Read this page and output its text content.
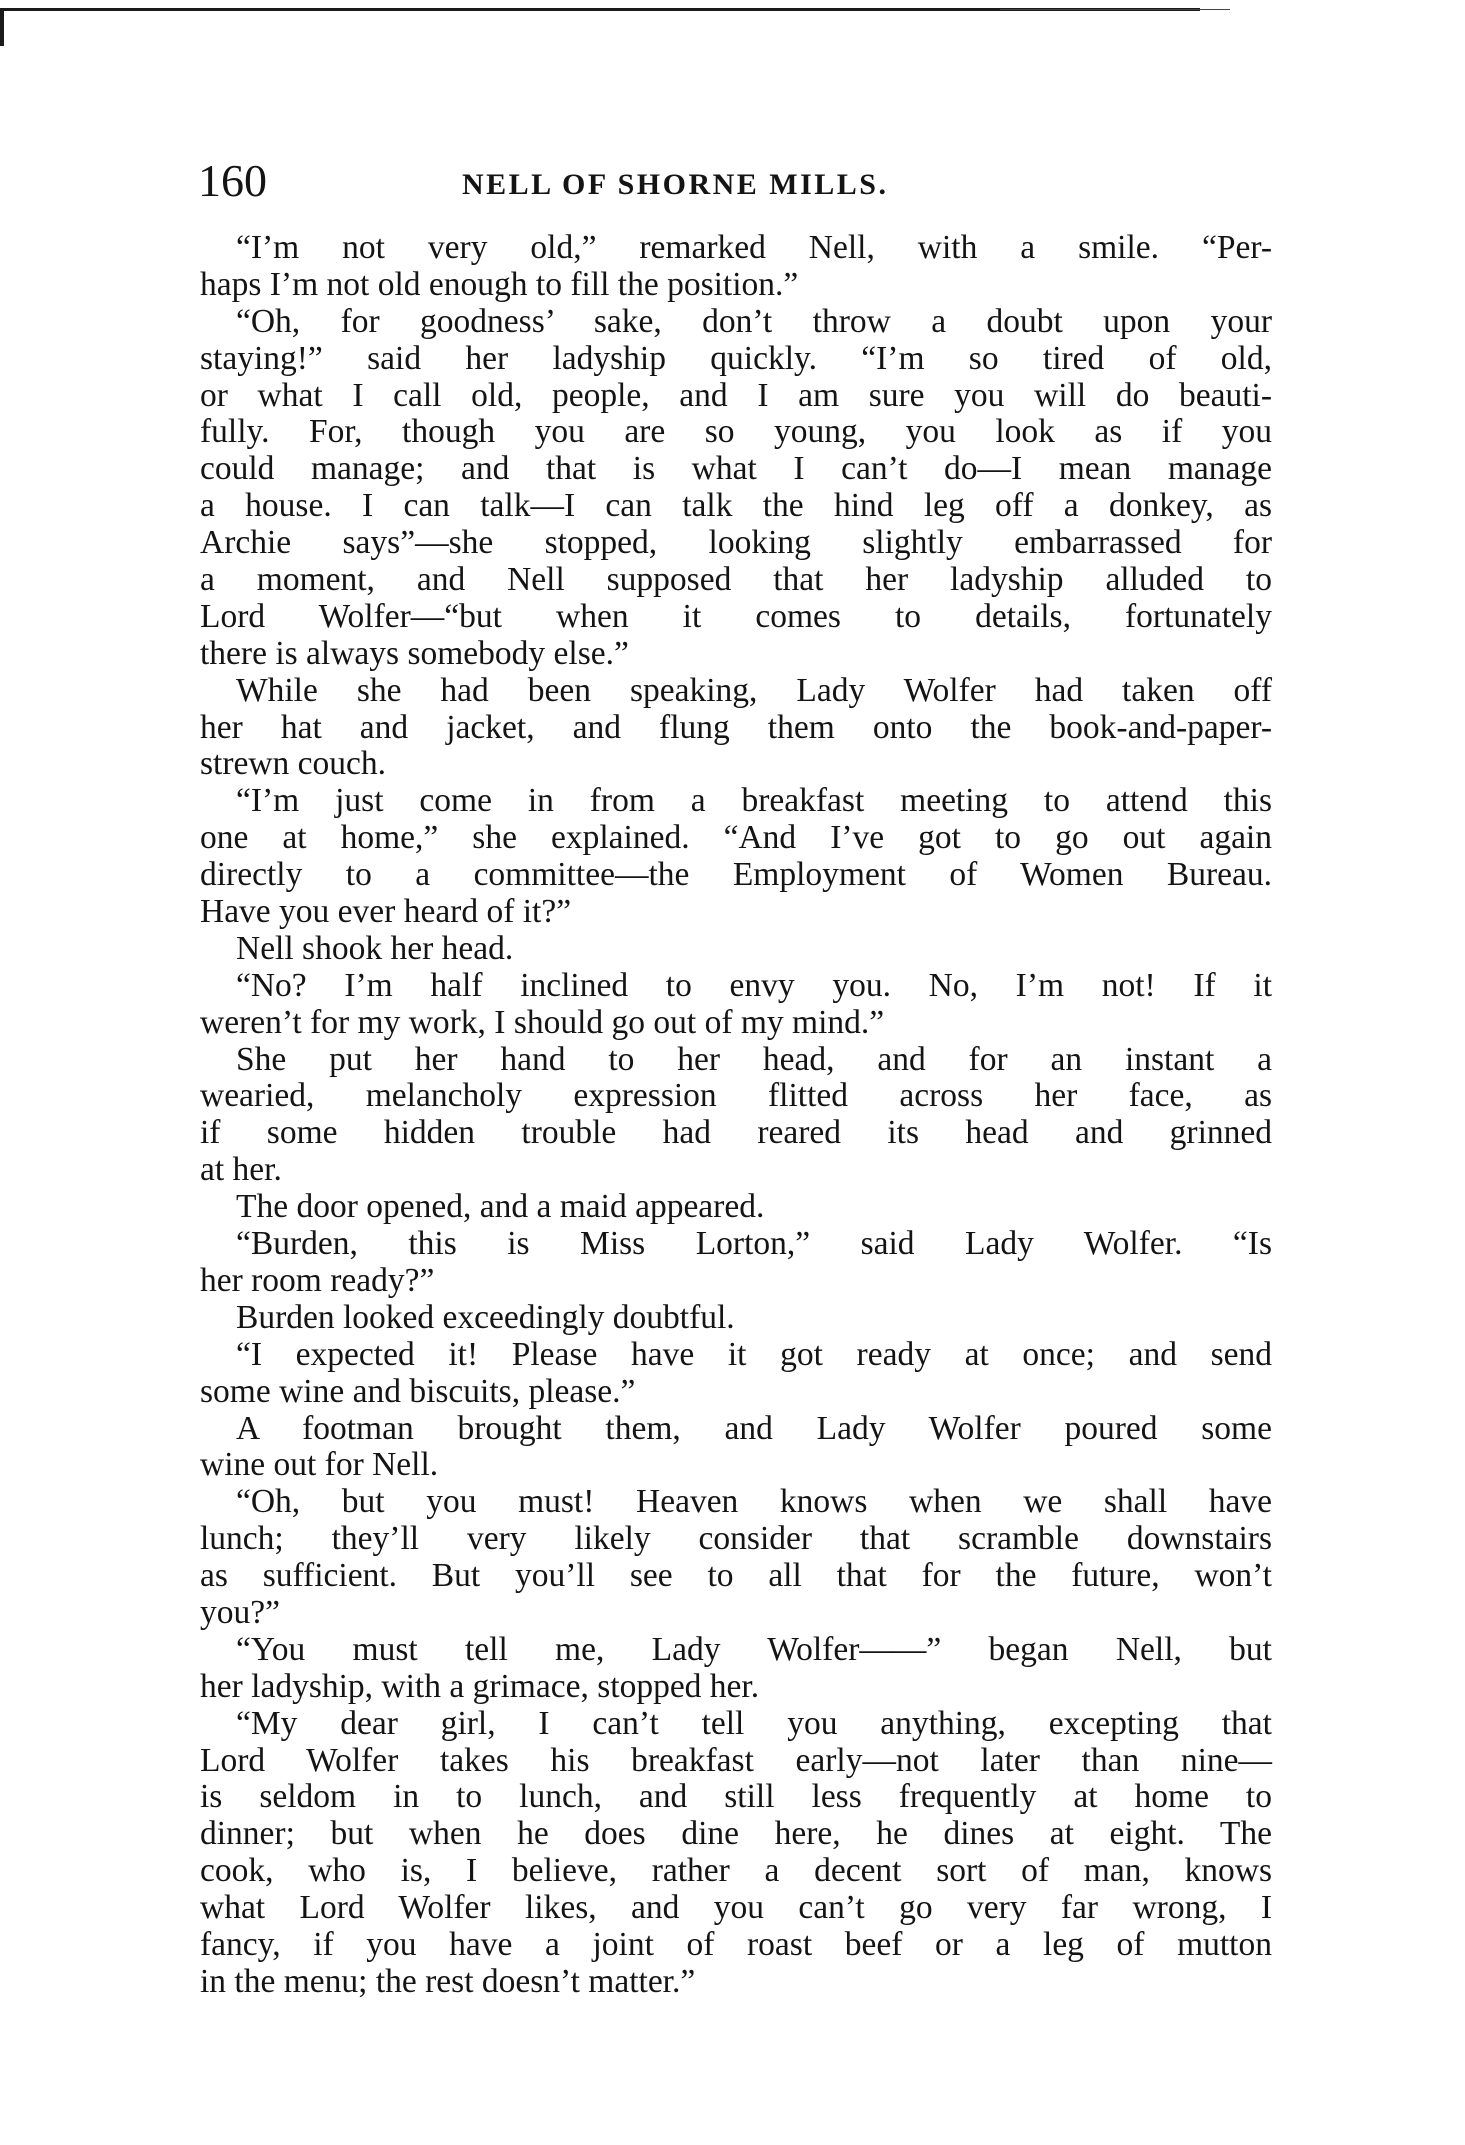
160	NELL OF SHORNE MILLS.
“I’m not very old,” remarked Nell, with a smile. “Per-
haps I’m not old enough to fill the position.”
“Oh, for goodness’ sake, don’t throw a doubt upon your
staying!” said her ladyship quickly. “I’m so tired of old,
or what I call old, people, and I am sure you will do beauti-
fully. For, though you are so young, you look as if you
could manage; and that is what I can’t do—I mean manage
a house. I can talk—I can talk the hind leg off a donkey, as
Archie says”—she stopped, looking slightly embarrassed for
a moment, and Nell supposed that her ladyship alluded to
Lord Wolfer—“but when it comes to details, fortunately
there is always somebody else.”
While she had been speaking, Lady Wolfer had taken off
her hat and jacket, and flung them onto the book-and-paper-
strewn couch.
“I’m just come in from a breakfast meeting to attend this
one at home,” she explained. “And I’ve got to go out again
directly to a committee—the Employment of Women Bureau.
Have you ever heard of it?”
Nell shook her head.
“No? I’m half inclined to envy you. No, I’m not! If it
weren’t for my work, I should go out of my mind.”
She put her hand to her head, and for an instant a
wearied, melancholy expression flitted across her face, as
if some hidden trouble had reared its head and grinned
at her.
The door opened, and a maid appeared.
“Burden, this is Miss Lorton,” said Lady Wolfer. “Is
her room ready?”
Burden looked exceedingly doubtful.
“I expected it! Please have it got ready at once; and send
some wine and biscuits, please.”
A footman brought them, and Lady Wolfer poured some
wine out for Nell.
“Oh, but you must! Heaven knows when we shall have
lunch; they’ll very likely consider that scramble downstairs
as sufficient. But you’ll see to all that for the future, won’t
you?”
“You must tell me, Lady Wolfer——” began Nell, but
her ladyship, with a grimace, stopped her.
“My dear girl, I can’t tell you anything, excepting that
Lord Wolfer takes his breakfast early—not later than nine—
is seldom in to lunch, and still less frequently at home to
dinner; but when he does dine here, he dines at eight. The
cook, who is, I believe, rather a decent sort of man, knows
what Lord Wolfer likes, and you can’t go very far wrong, I
fancy, if you have a joint of roast beef or a leg of mutton
in the menu; the rest doesn’t matter.”
